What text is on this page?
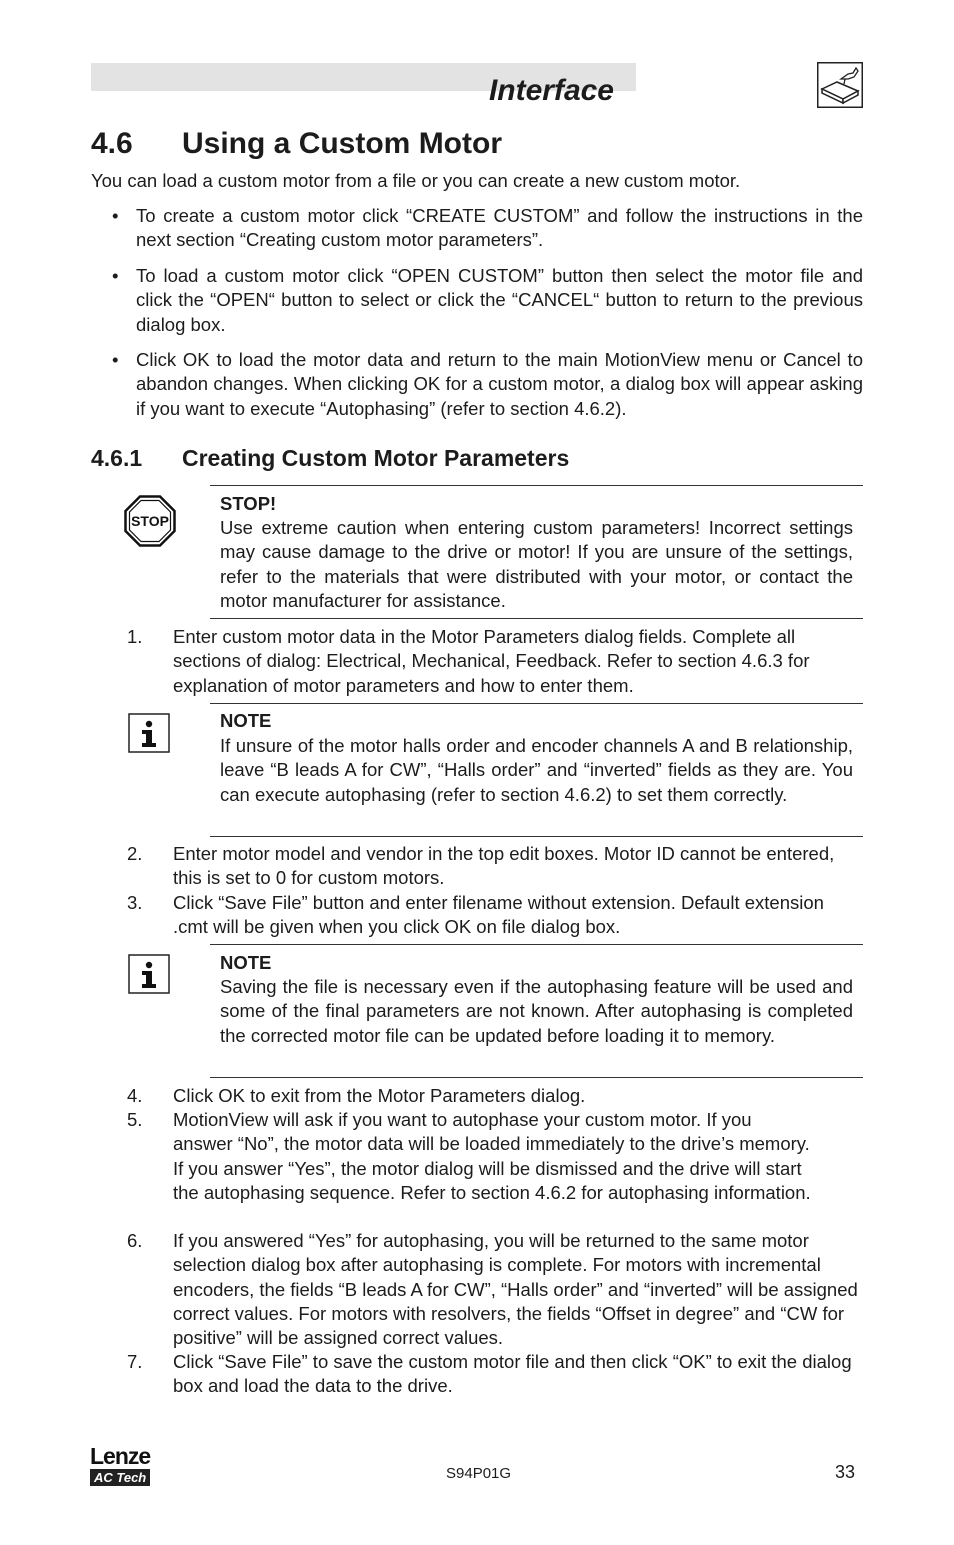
Interface
4.6 Using a Custom Motor
You can load a custom motor from a file or you can create a new custom motor.
• To create a custom motor click “CREATE CUSTOM” and follow the instructions in the next section “Creating custom motor parameters”.
• To load a custom motor click “OPEN CUSTOM” button then select the motor file and click the “OPEN“ button to select or click the “CANCEL“ button to return to the previous dialog box.
• Click OK to load the motor data and return to the main MotionView menu or Cancel to abandon changes. When clicking OK for a custom motor, a dialog box will appear asking if you want to execute “Autophasing” (refer to section 4.6.2).
4.6.1 Creating Custom Motor Parameters
STOP
STOP!
Use extreme caution when entering custom parameters! Incorrect settings may cause damage to the drive or motor! If you are unsure of the settings, refer to the materials that were distributed with your motor, or contact the motor manufacturer for assistance.
1.	Enter custom motor data in the Motor Parameters dialog fields. Complete all sections of dialog: Electrical, Mechanical, Feedback. Refer to section 4.6.3 for explanation of motor parameters and how to enter them.
NOTE
If unsure of the motor halls order and encoder channels A and B relationship, leave “B leads A for CW”, “Halls order” and “inverted” fields as they are. You can execute autophasing (refer to section 4.6.2) to set them correctly.
2.	Enter motor model and vendor in the top edit boxes. Motor ID cannot be entered, this is set to 0 for custom motors.
3.	Click “Save File” button and enter filename without extension. Default extension .cmt will be given when you click OK on file dialog box.
NOTE
Saving the file is necessary even if the autophasing feature will be used and some of the final parameters are not known. After autophasing is completed the corrected motor file can be updated before loading it to memory.
4.	Click OK to exit from the Motor Parameters dialog.
5.	MotionView will ask if you want to autophase your custom motor. If you answer “No”, the motor data will be loaded immediately to the drive’s memory. If you answer “Yes”, the motor dialog will be dismissed and the drive will start the autophasing sequence. Refer to section 4.6.2 for autophasing information.
6.	If you answered “Yes” for autophasing, you will be returned to the same motor selection dialog box after autophasing is complete. For motors with incremental encoders, the fields “B leads A for CW”, “Halls order” and “inverted” will be assigned correct values. For motors with resolvers, the fields “Offset in degree” and “CW for positive” will be assigned correct values.
7.	Click “Save File” to save the custom motor file and then click “OK” to exit the dialog box and load the data to the drive.
Lenze
AC Tech	S94P01G	33
